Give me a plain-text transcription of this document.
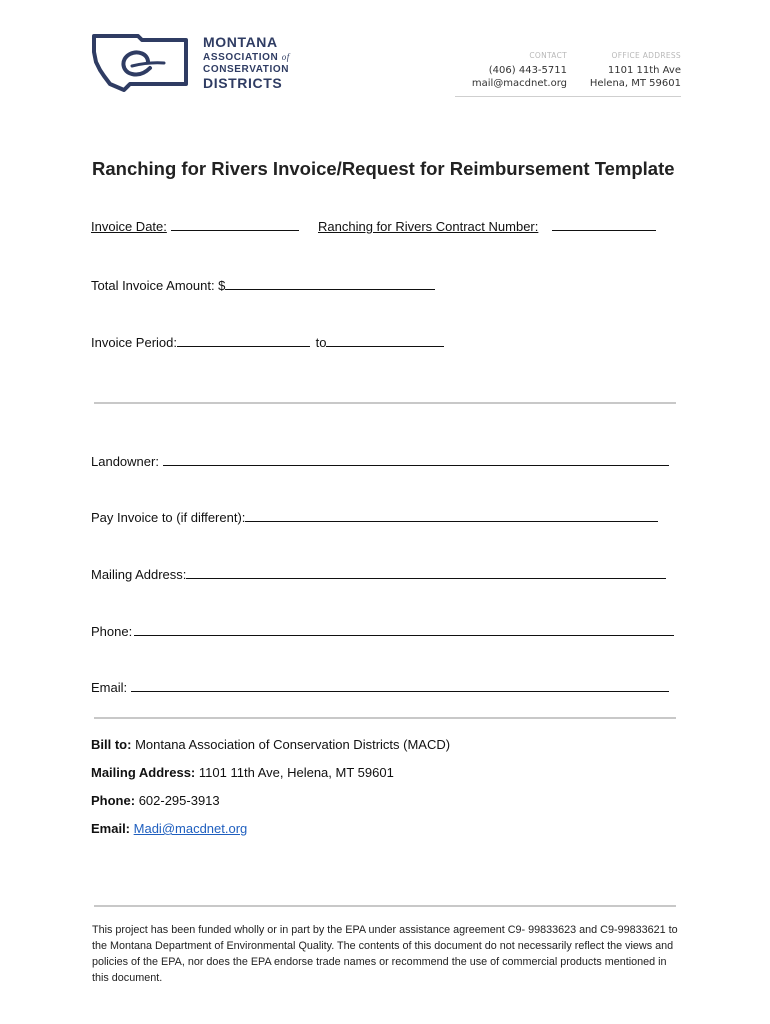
MONTANA
ASSOCIATION of
CONSERVATION
DISTRICTS
CONTACT
(406) 443-5711
mail@macdnet.org
OFFICE ADDRESS
1101 11th Ave
Helena, MT 59601
Ranching for Rivers Invoice/Request for Reimbursement Template
Invoice Date:	Ranching for Rivers Contract Number:
Total Invoice Amount: $
Invoice Period:	to
Landowner:
Pay Invoice to (if different):
Mailing Address:
Phone:
Email:
Bill to: Montana Association of Conservation Districts (MACD)
Mailing Address: 1101 11th Ave, Helena, MT 59601
Phone: 602-295-3913
Email: Madi@macdnet.org
This project has been funded wholly or in part by the EPA under assistance agreement C9- 99833623 and C9-99833621 to the Montana Department of Environmental Quality. The contents of this document do not necessarily reflect the views and policies of the EPA, nor does the EPA endorse trade names or recommend the use of commercial products mentioned in this document.
